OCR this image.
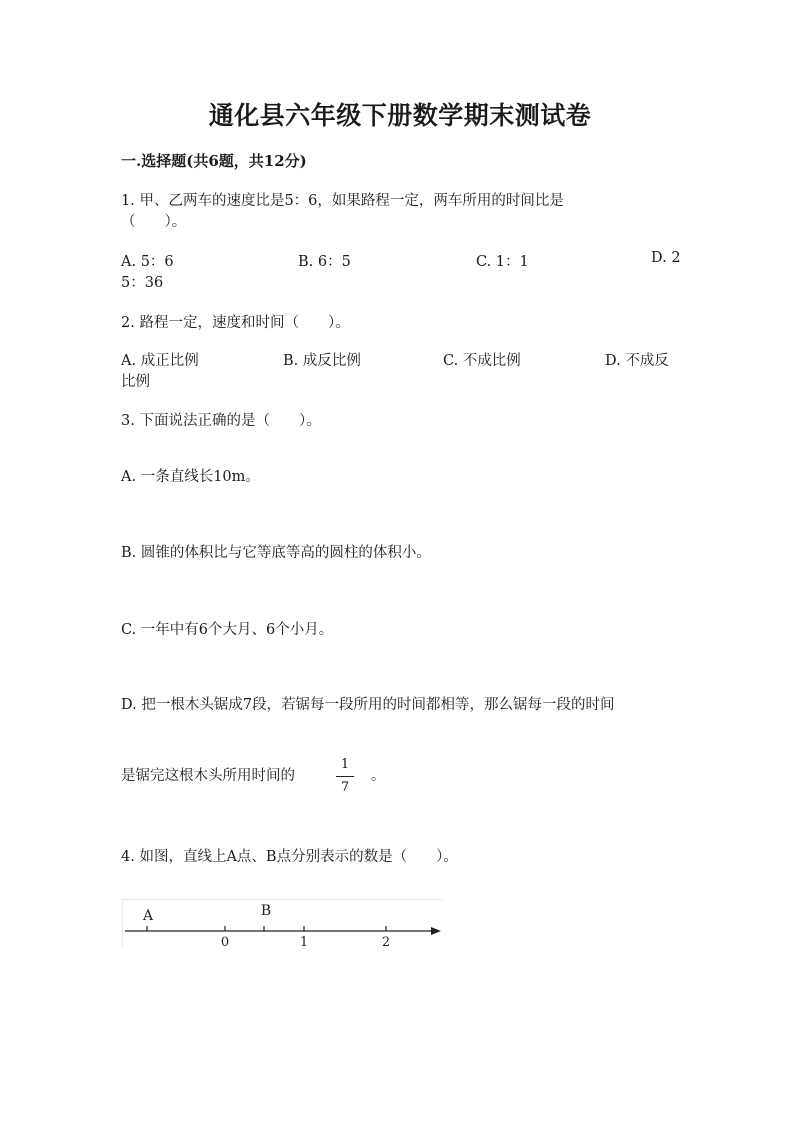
通化县六年级下册数学期末测试卷
一.选择题(共6题，共12分)
1. 甲、乙两车的速度比是5：6，如果路程一定，两车所用的时间比是
（　　）。
A. 5：6	B. 6：5	C. 1：1	D. 2
5：36
2. 路程一定，速度和时间（　　）。
A. 成正比例	B. 成反比例	C. 不成比例	D. 不成反
比例
3. 下面说法正确的是（　　）。
A. 一条直线长10m。
B. 圆锥的体积比与它等底等高的圆柱的体积小。
C. 一年中有6个大月、6个小月。
D. 把一根木头锯成7段，若锯每一段所用的时间都相等，那么锯每一段的时间
是锯完这根木头所用时间的
1
7
。
4. 如图，直线上A点、B点分别表示的数是（　　）。
A	B
0	1	2
